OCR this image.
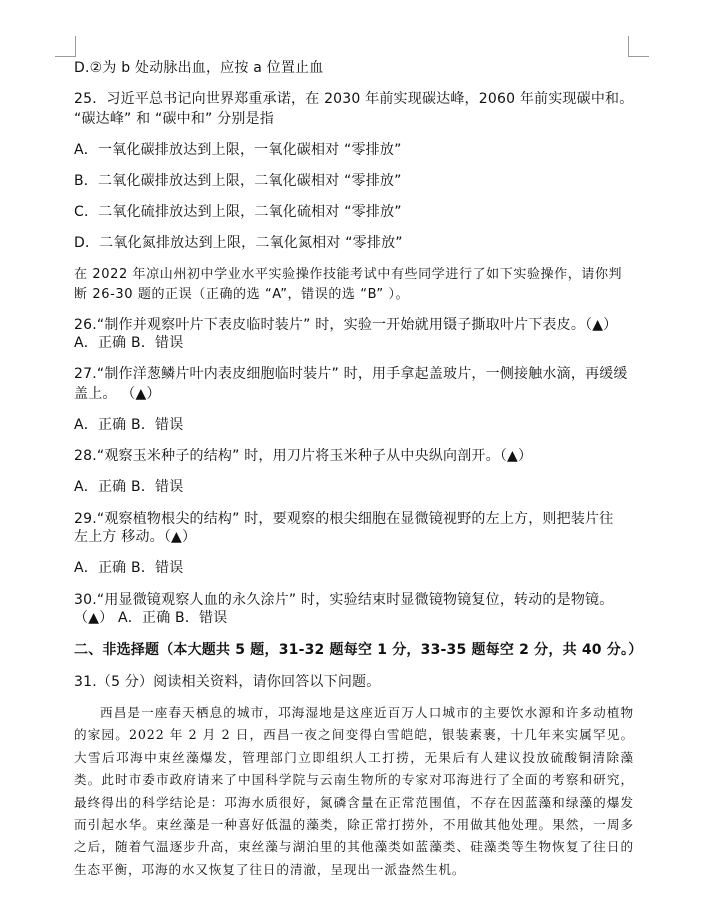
D.②为 b 处动脉出血，应按 a 位置止血
25．习近平总书记向世界郑重承诺，在 2030 年前实现碳达峰，2060 年前实现碳中和。
“碳达峰” 和 “碳中和” 分别是指
A．一氧化碳排放达到上限，一氧化碳相对 “零排放”
B．二氧化碳排放达到上限，二氧化碳相对 “零排放”
C．二氧化硫排放达到上限，二氧化硫相对 “零排放”
D．二氧化氮排放达到上限，二氧化氮相对 “零排放”
在 2022 年凉山州初中学业水平实验操作技能考试中有些同学进行了如下实验操作，请你判
断 26-30 题的正误（正确的选 “A”，错误的选 “B” ）。
26.“制作并观察叶片下表皮临时装片” 时，实验一开始就用镊子撕取叶片下表皮。（▲）
A．正确 B．错误
27.“制作洋葱鳞片叶内表皮细胞临时装片” 时，用手拿起盖玻片，一侧接触水滴，再缓缓
盖上。 （▲）
A．正确 B．错误
28.“观察玉米种子的结构” 时，用刀片将玉米种子从中央纵向剖开。（▲）
A．正确 B．错误
29.“观察植物根尖的结构” 时，要观察的根尖细胞在显微镜视野的左上方，则把装片往
左上方 移动。（▲）
A．正确 B．错误
30.“用显微镜观察人血的永久涂片” 时，实验结束时显微镜物镜复位，转动的是物镜。
（▲） A．正确 B．错误
二、非选择题（本大题共 5 题，31-32 题每空 1 分，33-35 题每空 2 分，共 40 分。）
31.（5 分）阅读相关资料，请你回答以下问题。
西昌是一座春天栖息的城市，邛海湿地是这座近百万人口城市的主要饮水源和许多动植物的家园。2022 年 2 月 2 日，西昌一夜之间变得白雪皑皑，银装素裹，十几年来实属罕见。大雪后邛海中束丝藻爆发，管理部门立即组织人工打捞，无果后有人建议投放硫酸铜清除藻类。此时市委市政府请来了中国科学院与云南生物所的专家对邛海进行了全面的考察和研究，最终得出的科学结论是：邛海水质很好，氮磷含量在正常范围值，不存在因蓝藻和绿藻的爆发而引起水华。束丝藻是一种喜好低温的藻类，除正常打捞外，不用做其他处理。果然，一周多之后，随着气温逐步升高，束丝藻与湖泊里的其他藻类如蓝藻类、硅藻类等生物恢复了往日的生态平衡，邛海的水又恢复了往日的清澈，呈现出一派盎然生机。
